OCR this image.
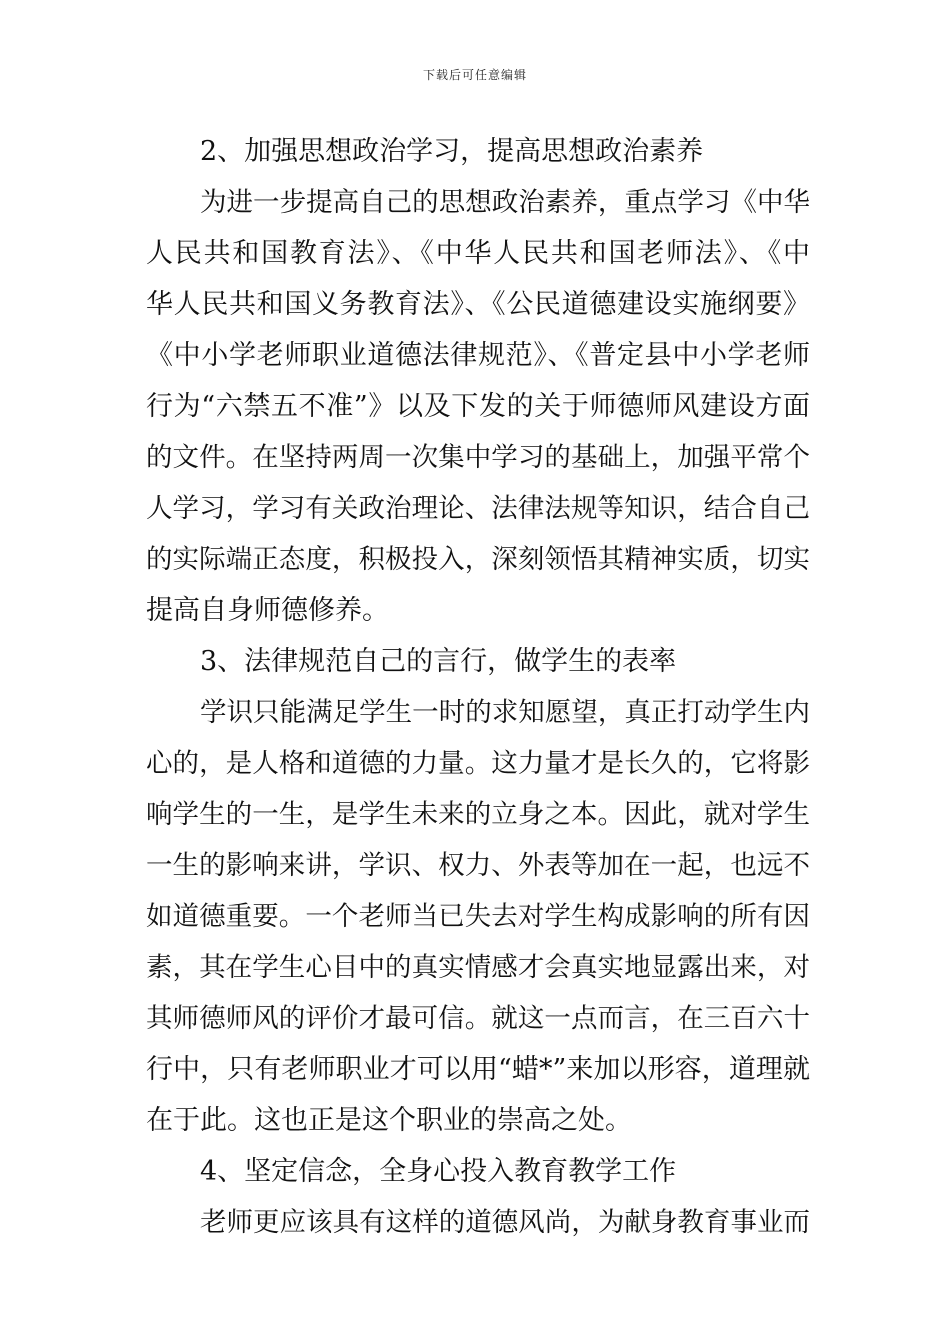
下载后可任意编辑
2、加强思想政治学习，提高思想政治素养
为进一步提高自己的思想政治素养，重点学习《中华
人民共和国教育法》、《中华人民共和国老师法》、《中
华人民共和国义务教育法》、《公民道德建设实施纲要》
《中小学老师职业道德法律规范》、《普定县中小学老师
行为“六禁五不准”》以及下发的关于师德师风建设方面
的文件。在坚持两周一次集中学习的基础上，加强平常个
人学习，学习有关政治理论、法律法规等知识，结合自己
的实际端正态度，积极投入，深刻领悟其精神实质，切实
提高自身师德修养。
3、法律规范自己的言行，做学生的表率
学识只能满足学生一时的求知愿望，真正打动学生内
心的，是人格和道德的力量。这力量才是长久的，它将影
响学生的一生，是学生未来的立身之本。因此，就对学生
一生的影响来讲，学识、权力、外表等加在一起，也远不
如道德重要。一个老师当已失去对学生构成影响的所有因
素，其在学生心目中的真实情感才会真实地显露出来，对
其师德师风的评价才最可信。就这一点而言，在三百六十
行中，只有老师职业才可以用“蜡*”来加以形容，道理就
在于此。这也正是这个职业的崇高之处。
4、坚定信念，全身心投入教育教学工作
老师更应该具有这样的道德风尚，为献身教育事业而
